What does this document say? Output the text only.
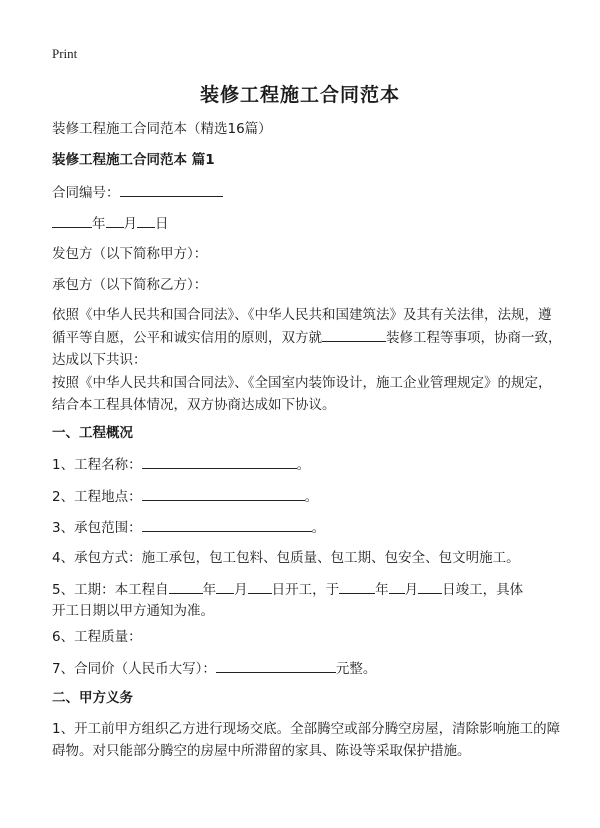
Print
装修工程施工合同范本
装修工程施工合同范本（精选16篇）
装修工程施工合同范本 篇1
合同编号：
年 月 日
发包方（以下简称甲方）：
承包方（以下简称乙方）：
依照《中华人民共和国合同法》、《中华人民共和国建筑法》及其有关法律，法规，遵循平等自愿，公平和诚实信用的原则，双方就	装修工程等事项，协商一致，达成以下共识：
按照《中华人民共和国合同法》、《全国室内装饰设计，施工企业管理规定》的规定，结合本工程具体情况，双方协商达成如下协议。
一、工程概况
1、工程名称：	。
2、工程地点：	。
3、承包范围：	。
4、承包方式：施工承包，包工包料、包质量、包工期、包安全、包文明施工。
5、工期：本工程自	年 月 日开工，于	年 月 日竣工，具体
开工日期以甲方通知为准。
6、工程质量：
7、合同价（人民币大写）：	元整。
二、甲方义务
1、开工前甲方组织乙方进行现场交底。全部腾空或部分腾空房屋，清除影响施工的障碍物。对只能部分腾空的房屋中所滞留的家具、陈设等采取保护措施。
